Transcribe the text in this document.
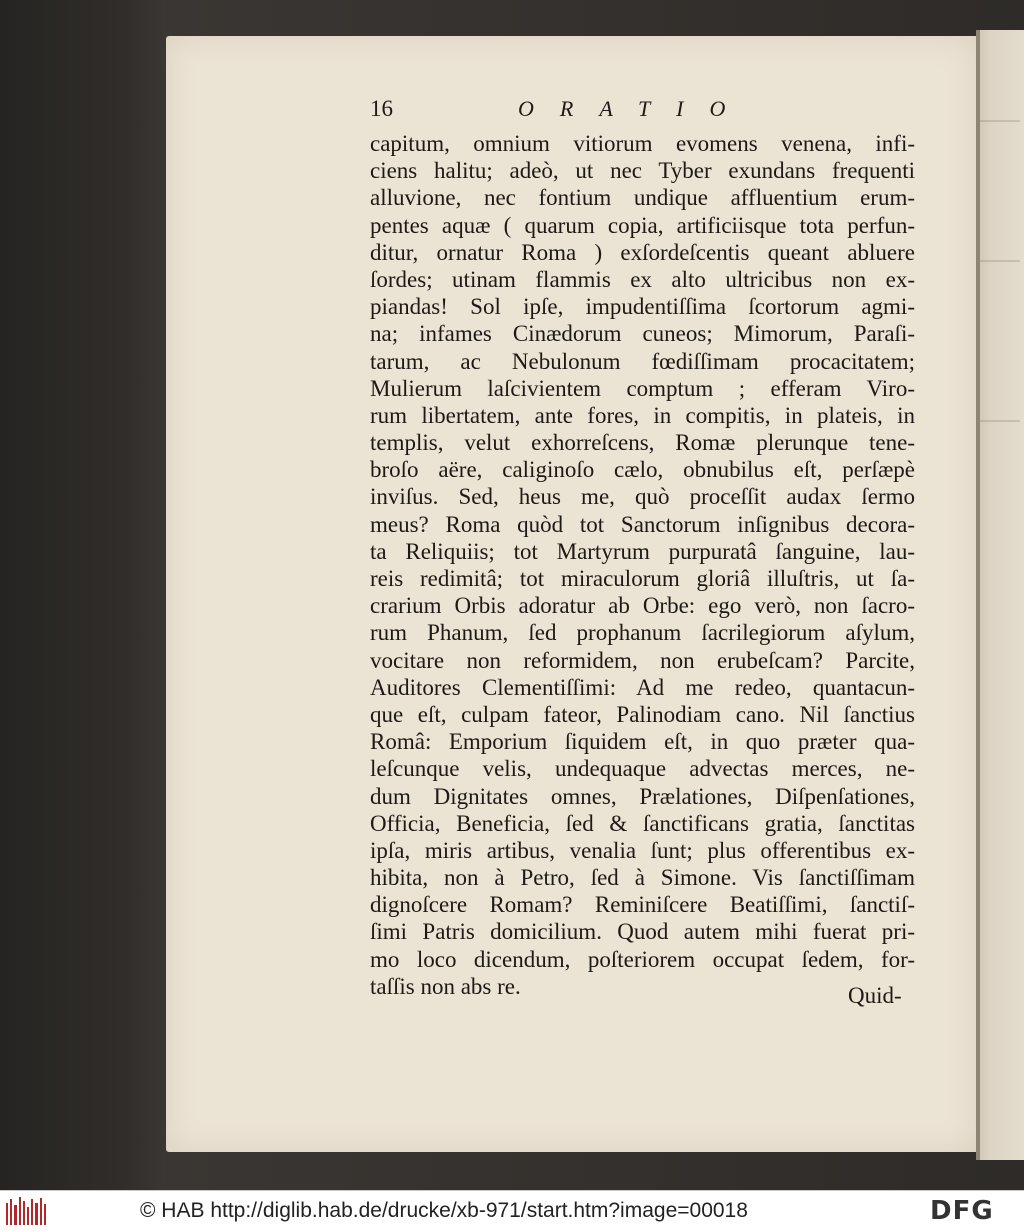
16	ORATIO
capitum, omnium vitiorum evomens venena, infi-
ciens halitu; adeò, ut nec Tyber exundans frequenti
alluvione, nec fontium undique affluentium erum-
pentes aquæ ( quarum copia, artificiisque tota perfun-
ditur, ornatur Roma ) exſordeſcentis queant abluere
ſordes; utinam flammis ex alto ultricibus non ex-
piandas! Sol ipſe, impudentiſſima ſcortorum agmi-
na; infames Cinædorum cuneos; Mimorum, Paraſi-
tarum, ac Nebulonum fœdiſſimam procacitatem;
Mulierum laſcivientem comptum ; efferam Viro-
rum libertatem, ante fores, in compitis, in plateis, in
templis, velut exhorreſcens, Romæ plerunque tene-
broſo aëre, caliginoſo cælo, obnubilus eſt, perſæpè
inviſus. Sed, heus me, quò proceſſit audax ſermo
meus? Roma quòd tot Sanctorum inſignibus decora-
ta Reliquiis; tot Martyrum purpuratâ ſanguine, lau-
reis redimitâ; tot miraculorum gloriâ illuſtris, ut ſa-
crarium Orbis adoratur ab Orbe: ego verò, non ſacro-
rum Phanum, ſed prophanum ſacrilegiorum aſylum,
vocitare non reformidem, non erubeſcam? Parcite,
Auditores Clementiſſimi: Ad me redeo, quantacun-
que eſt, culpam fateor, Palinodiam cano. Nil ſanctius
Româ: Emporium ſiquidem eſt, in quo præter qua-
leſcunque velis, undequaque advectas merces, ne-
dum Dignitates omnes, Prælationes, Diſpenſationes,
Officia, Beneficia, ſed & ſanctificans gratia, ſanctitas
ipſa, miris artibus, venalia ſunt; plus offerentibus ex-
hibita, non à Petro, ſed à Simone. Vis ſanctiſſimam
dignoſcere Romam? Reminiſcere Beatiſſimi, ſanctiſ-
ſimi Patris domicilium. Quod autem mihi fuerat pri-
mo loco dicendum, poſteriorem occupat ſedem, for-
taſſis non abs re.	Quid-
© HAB http://diglib.hab.de/drucke/xb-971/start.htm?image=00018	DFG
